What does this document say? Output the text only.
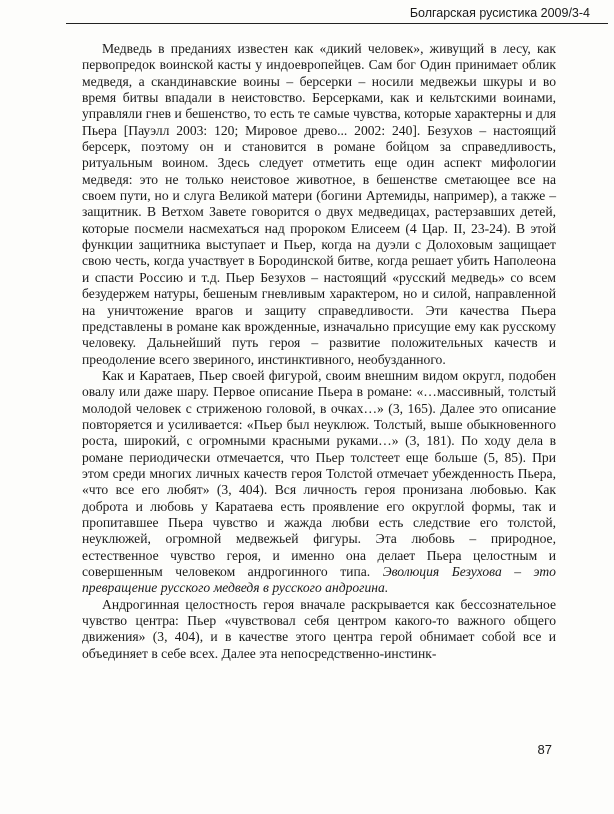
Болгарская русистика 2009/3-4

Медведь в преданиях известен как «дикий человек», живущий в лесу, как первопредок воинской касты у индоевропейцев. Сам бог Один принимает облик медведя, а скандинавские воины – берсерки – носили медвежьи шкуры и во время битвы впадали в неистовство. Берсерками, как и кельтскими воинами, управляли гнев и бешенство, то есть те самые чувства, которые характерны и для Пьера [Пауэлл 2003: 120; Мировое древо... 2002: 240]. Безухов – настоящий берсерк, поэтому он и становится в романе бойцом за справедливость, ритуальным воином. Здесь следует отметить еще один аспект мифологии медведя: это не только неистовое животное, в бешенстве сметающее все на своем пути, но и слуга Великой матери (богини Артемиды, например), а также – защитник. В Ветхом Завете говорится о двух медведицах, растерзавших детей, которые посмели насмехаться над пророком Елисеем (4 Цар. II, 23-24). В этой функции защитника выступает и Пьер, когда на дуэли с Долоховым защищает свою честь, когда участвует в Бородинской битве, когда решает убить Наполеона и спасти Россию и т.д. Пьер Безухов – настоящий «русский медведь» со всем безудержем натуры, бешеным гневливым характером, но и силой, направленной на уничтожение врагов и защиту справедливости. Эти качества Пьера представлены в романе как врожденные, изначально присущие ему как русскому человеку. Дальнейший путь героя – развитие положительных качеств и преодоление всего звериного, инстинктивного, необузданного.

Как и Каратаев, Пьер своей фигурой, своим внешним видом округл, подобен овалу или даже шару. Первое описание Пьера в романе: «…массивный, толстый молодой человек с стриженою головой, в очках…» (3, 165). Далее это описание повторяется и усиливается: «Пьер был неуклюж. Толстый, выше обыкновенного роста, широкий, с огромными красными руками…» (3, 181). По ходу дела в романе периодически отмечается, что Пьер толстеет еще больше (5, 85). При этом среди многих личных качеств героя Толстой отмечает убежденность Пьера, «что все его любят» (3, 404). Вся личность героя пронизана любовью. Как доброта и любовь у Каратаева есть проявление его округлой формы, так и пропитавшее Пьера чувство и жажда любви есть следствие его толстой, неуклюжей, огромной медвежьей фигуры. Эта любовь – природное, естественное чувство героя, и именно она делает Пьера целостным и совершенным человеком андрогинного типа. Эволюция Безухова – это превращение русского медведя в русского андрогина.

Андрогинная целостность героя вначале раскрывается как бессознательное чувство центра: Пьер «чувствовал себя центром какого-то важного общего движения» (3, 404), и в качестве этого центра герой обнимает собой все и объединяет в себе всех. Далее эта непосредственно-инстинк-

87
